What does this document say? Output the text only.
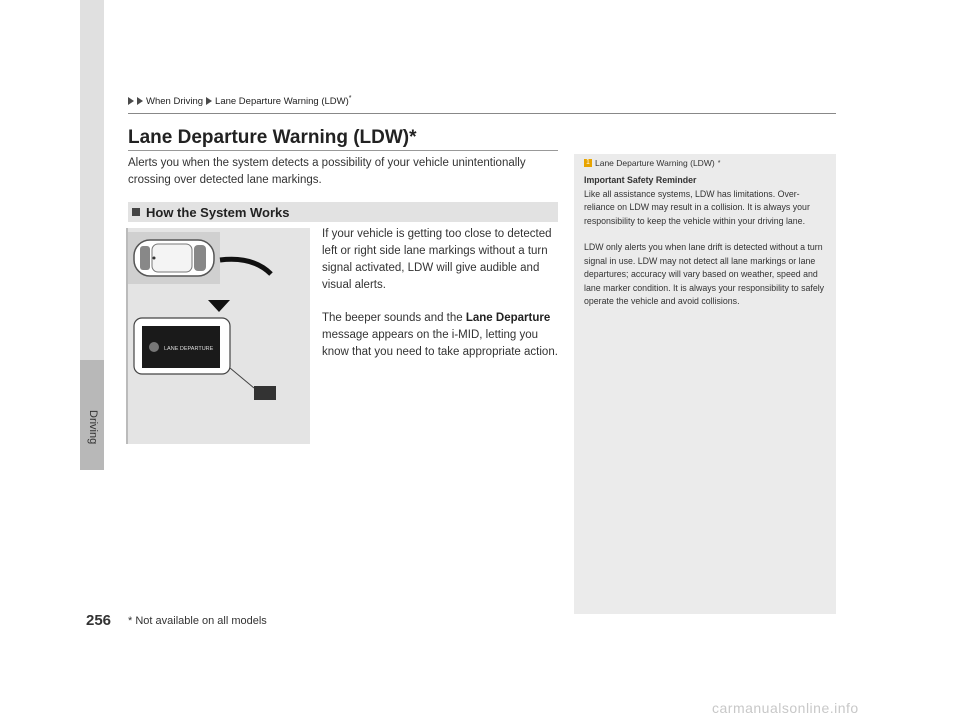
Driving
When Driving Lane Departure Warning (LDW)*
Lane Departure Warning (LDW)*

Alerts you when the system detects a possibility of your vehicle unintentionally crossing over detected lane markings.

How the System Works
LANE DEPARTURE

If your vehicle is getting too close to detected left or right side lane markings without a turn signal activated, LDW will give audible and visual alerts.

The beeper sounds and the Lane Departure message appears on the i-MID, letting you know that you need to take appropriate action.

1 Lane Departure Warning (LDW) *

Important Safety Reminder

Like all assistance systems, LDW has limitations. Over-reliance on LDW may result in a collision. It is always your responsibility to keep the vehicle within your driving lane.

LDW only alerts you when lane drift is detected without a turn signal in use. LDW may not detect all lane markings or lane departures; accuracy will vary based on weather, speed and lane marker condition. It is always your responsibility to safely operate the vehicle and avoid collisions.

256 * Not available on all models
carmanualsonline.info
